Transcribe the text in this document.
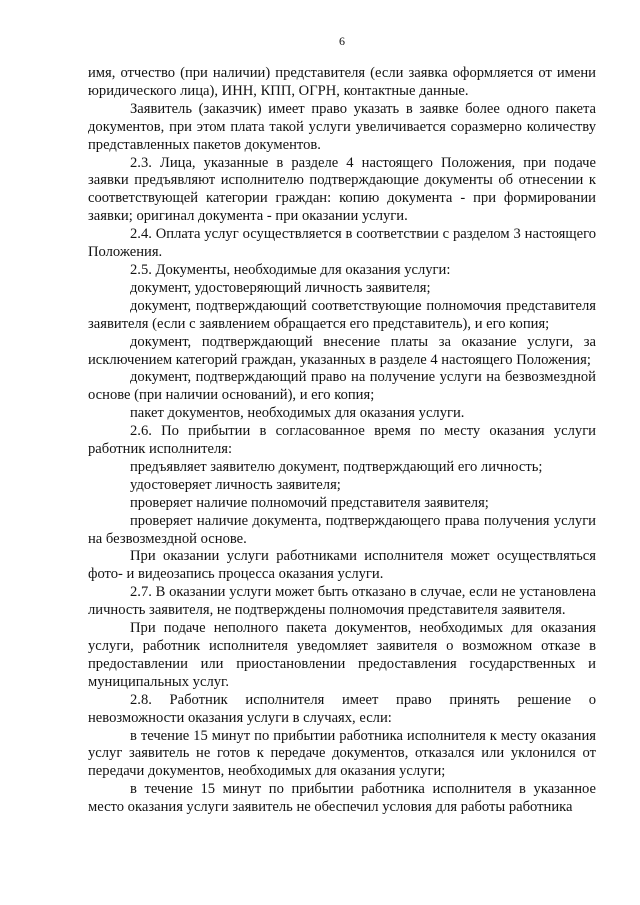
6
имя, отчество (при наличии) представителя (если заявка оформляется от имени юридического лица), ИНН, КПП, ОГРН, контактные данные.
Заявитель (заказчик) имеет право указать в заявке более одного пакета документов, при этом плата такой услуги увеличивается соразмерно количеству представленных пакетов документов.
2.3. Лица, указанные в разделе 4 настоящего Положения, при подаче заявки предъявляют исполнителю подтверждающие документы об отнесении к соответствующей категории граждан: копию документа - при формировании заявки; оригинал документа - при оказании услуги.
2.4. Оплата услуг осуществляется в соответствии с разделом 3 настоящего Положения.
2.5. Документы, необходимые для оказания услуги:
документ, удостоверяющий личность заявителя;
документ, подтверждающий соответствующие полномочия представителя заявителя (если с заявлением обращается его представитель), и его копия;
документ, подтверждающий внесение платы за оказание услуги, за исключением категорий граждан, указанных в разделе 4 настоящего Положения;
документ, подтверждающий право на получение услуги на безвозмездной основе (при наличии оснований), и его копия;
пакет документов, необходимых для оказания услуги.
2.6. По прибытии в согласованное время по месту оказания услуги работник исполнителя:
предъявляет заявителю документ, подтверждающий его личность;
удостоверяет личность заявителя;
проверяет наличие полномочий представителя заявителя;
проверяет наличие документа, подтверждающего права получения услуги на безвозмездной основе.
При оказании услуги работниками исполнителя может осуществляться фото- и видеозапись процесса оказания услуги.
2.7. В оказании услуги может быть отказано в случае, если не установлена личность заявителя, не подтверждены полномочия представителя заявителя.
При подаче неполного пакета документов, необходимых для оказания услуги, работник исполнителя уведомляет заявителя о возможном отказе в предоставлении или приостановлении предоставления государственных и муниципальных услуг.
2.8. Работник исполнителя имеет право принять решение о невозможности оказания услуги в случаях, если:
в течение 15 минут по прибытии работника исполнителя к месту оказания услуг заявитель не готов к передаче документов, отказался или уклонился от передачи документов, необходимых для оказания услуги;
в течение 15 минут по прибытии работника исполнителя в указанное место оказания услуги заявитель не обеспечил условия для работы работника
